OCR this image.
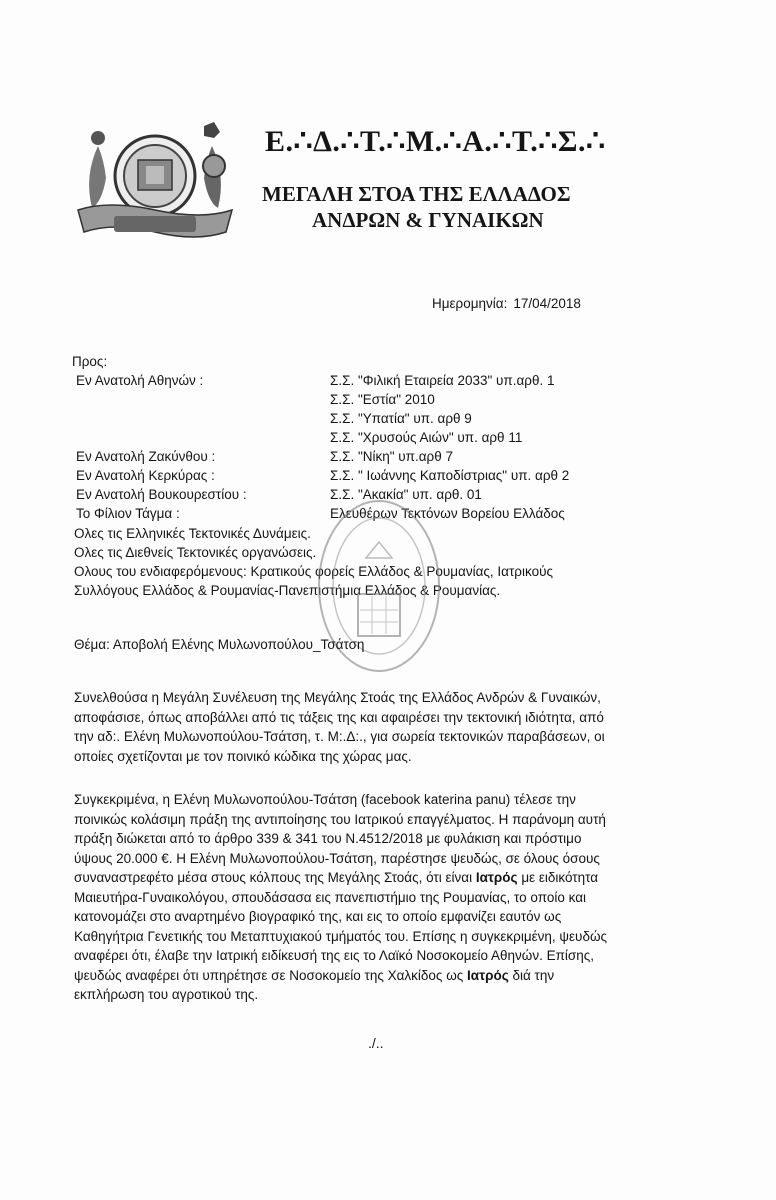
Ε.∴Δ.∴Τ.∴Μ.∴Α.∴Τ.∴Σ.∴
ΜΕΓΑΛΗ ΣΤΟΑ ΤΗΣ ΕΛΛΑΔΟΣ
ΑΝΔΡΩΝ & ΓΥΝΑΙΚΩΝ
Ημερομηνία: 17/04/2018
Προς:
Εν Ανατολή Αθηνών :	Σ.Σ. "Φιλική Εταιρεία 2033" υπ.αρθ. 1
Σ.Σ. "Εστία" 2010
Σ.Σ. "Υπατία" υπ. αρθ 9
Σ.Σ. "Χρυσούς Αιών" υπ. αρθ 11
Εν Ανατολή Ζακύνθου :	Σ.Σ. "Νίκη" υπ.αρθ 7
Εν Ανατολή Κερκύρας :	Σ.Σ. " Ιωάννης Καποδίστριας" υπ. αρθ 2
Εν Ανατολή Βουκουρεστίου :	Σ.Σ. "Ακακία" υπ. αρθ. 01
Το Φίλιον Τάγμα :	Ελευθέρων Τεκτόνων Βορείου Ελλάδος
Ολες τις Ελληνικές Τεκτονικές Δυνάμεις.
Ολες τις Διεθνείς Τεκτονικές οργανώσεις.
Ολους του ενδιαφερόμενους: Κρατικούς φορείς Ελλάδος & Ρουμανίας, Ιατρικούς
Συλλόγους Ελλάδος & Ρουμανίας-Πανεπιστήμια Ελλάδος & Ρουμανίας.
Θέμα: Αποβολή Ελένης Μυλωνοπούλου_Τσάτση

Συνελθούσα η Μεγάλη Συνέλευση της Μεγάλης Στοάς της Ελλάδος Ανδρών & Γυναικών,
αποφάσισε, όπως αποβάλλει από τις τάξεις της και αφαιρέσει την τεκτονική ιδιότητα, από
την αδ:. Ελένη Μυλωνοπούλου-Τσάτση, τ. Μ:.Δ:., για σωρεία τεκτονικών παραβάσεων, οι
οποίες σχετίζονται με τον ποινικό κώδικα της χώρας μας.

Συγκεκριμένα, η Ελένη Μυλωνοπούλου-Τσάτση (facebook katerina panu) τέλεσε την
ποινικώς κολάσιμη πράξη της αντιποίησης του Ιατρικού επαγγέλματος. Η παράνομη αυτή
πράξη διώκεται από το άρθρο 339 & 341 του Ν.4512/2018 με φυλάκιση και πρόστιμο
ύψους 20.000 €. Η Ελένη Μυλωνοπούλου-Τσάτση, παρέστησε ψευδώς, σε όλους όσους
συναναστρεφέτο μέσα στους κόλπους της Μεγάλης Στοάς, ότι είναι Ιατρός με ειδικότητα
Μαιευτήρα-Γυναικολόγου, σπουδάσασα εις πανεπιστήμιο της Ρουμανίας, το οποίο και
κατονομάζει στο αναρτημένο βιογραφικό της, και εις το οποίο εμφανίζει εαυτόν ως
Καθηγήτρια Γενετικής του Μεταπτυχιακού τμήματός του. Επίσης η συγκεκριμένη, ψευδώς
αναφέρει ότι, έλαβε την Ιατρική ειδίκευσή της εις το Λαϊκό Νοσοκομείο Αθηνών. Επίσης,
ψευδώς αναφέρει ότι υπηρέτησε σε Νοσοκομείο της Χαλκίδος ως Ιατρός διά την
εκπλήρωση του αγροτικού της.

./..
